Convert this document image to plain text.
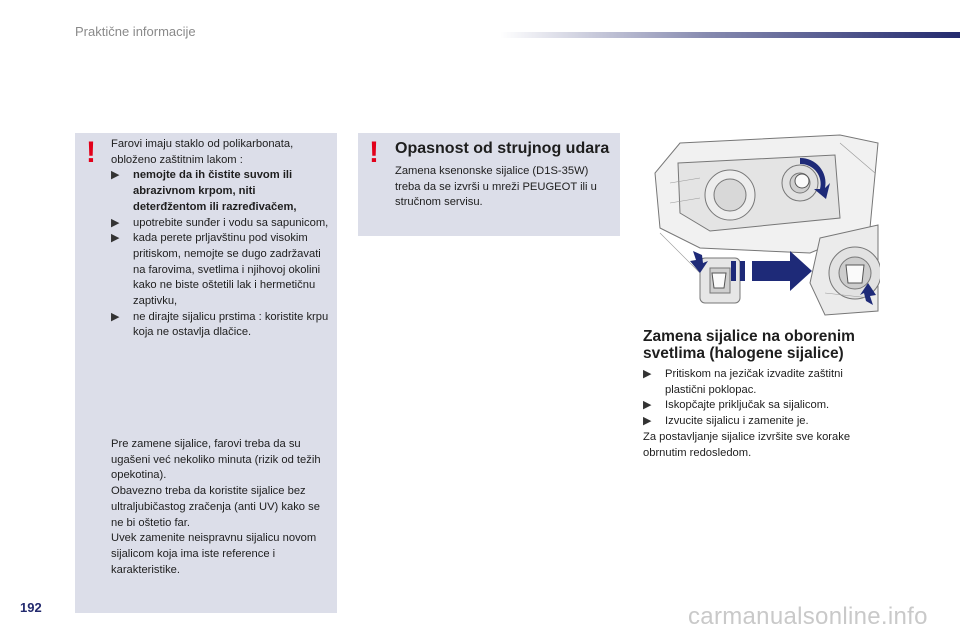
Praktične informacije
! Farovi imaju staklo od polikarbonata, obloženo zaštitnim lakom :
▶ nemojte da ih čistite suvom ili abrazivnom krpom, niti deterđžentom ili razređivačem,
▶ upotrebite sunđer i vodu sa sapunicom,
▶ kada perete prljavštinu pod visokim pritiskom, nemojte se dugo zadržavati na farovima, svetlima i njihovoj okolini kako ne biste oštetili lak i hermetičnu zaptivku,
▶ ne dirajte sijalicu prstima : koristite krpu koja ne ostavlja dlačice.
Pre zamene sijalice, farovi treba da su ugašeni već nekoliko minuta (rizik od težih opekotina).
Obavezno treba da koristite sijalice bez ultraljubičastog zračenja (anti UV) kako se ne bi oštetio far.
Uvek zamenite neispravnu sijalicu novom sijalicom koja ima iste reference i karakteristike.
! Opasnost od strujnog udara
Zamena ksenonske sijalice (D1S-35W) treba da se izvrši u mreži PEUGEOT ili u stručnom servisu.
Zamena sijalice na oborenim svetlima (halogene sijalice)
▶ Pritiskom na jezičak izvadite zaštitni plastični poklopac.
▶ Iskopčajte priključak sa sijalicom.
▶ Izvucite sijalicu i zamenite je.
Za postavljanje sijalice izvršite sve korake obrnutim redosledom.
192	carmanualsonline.info
